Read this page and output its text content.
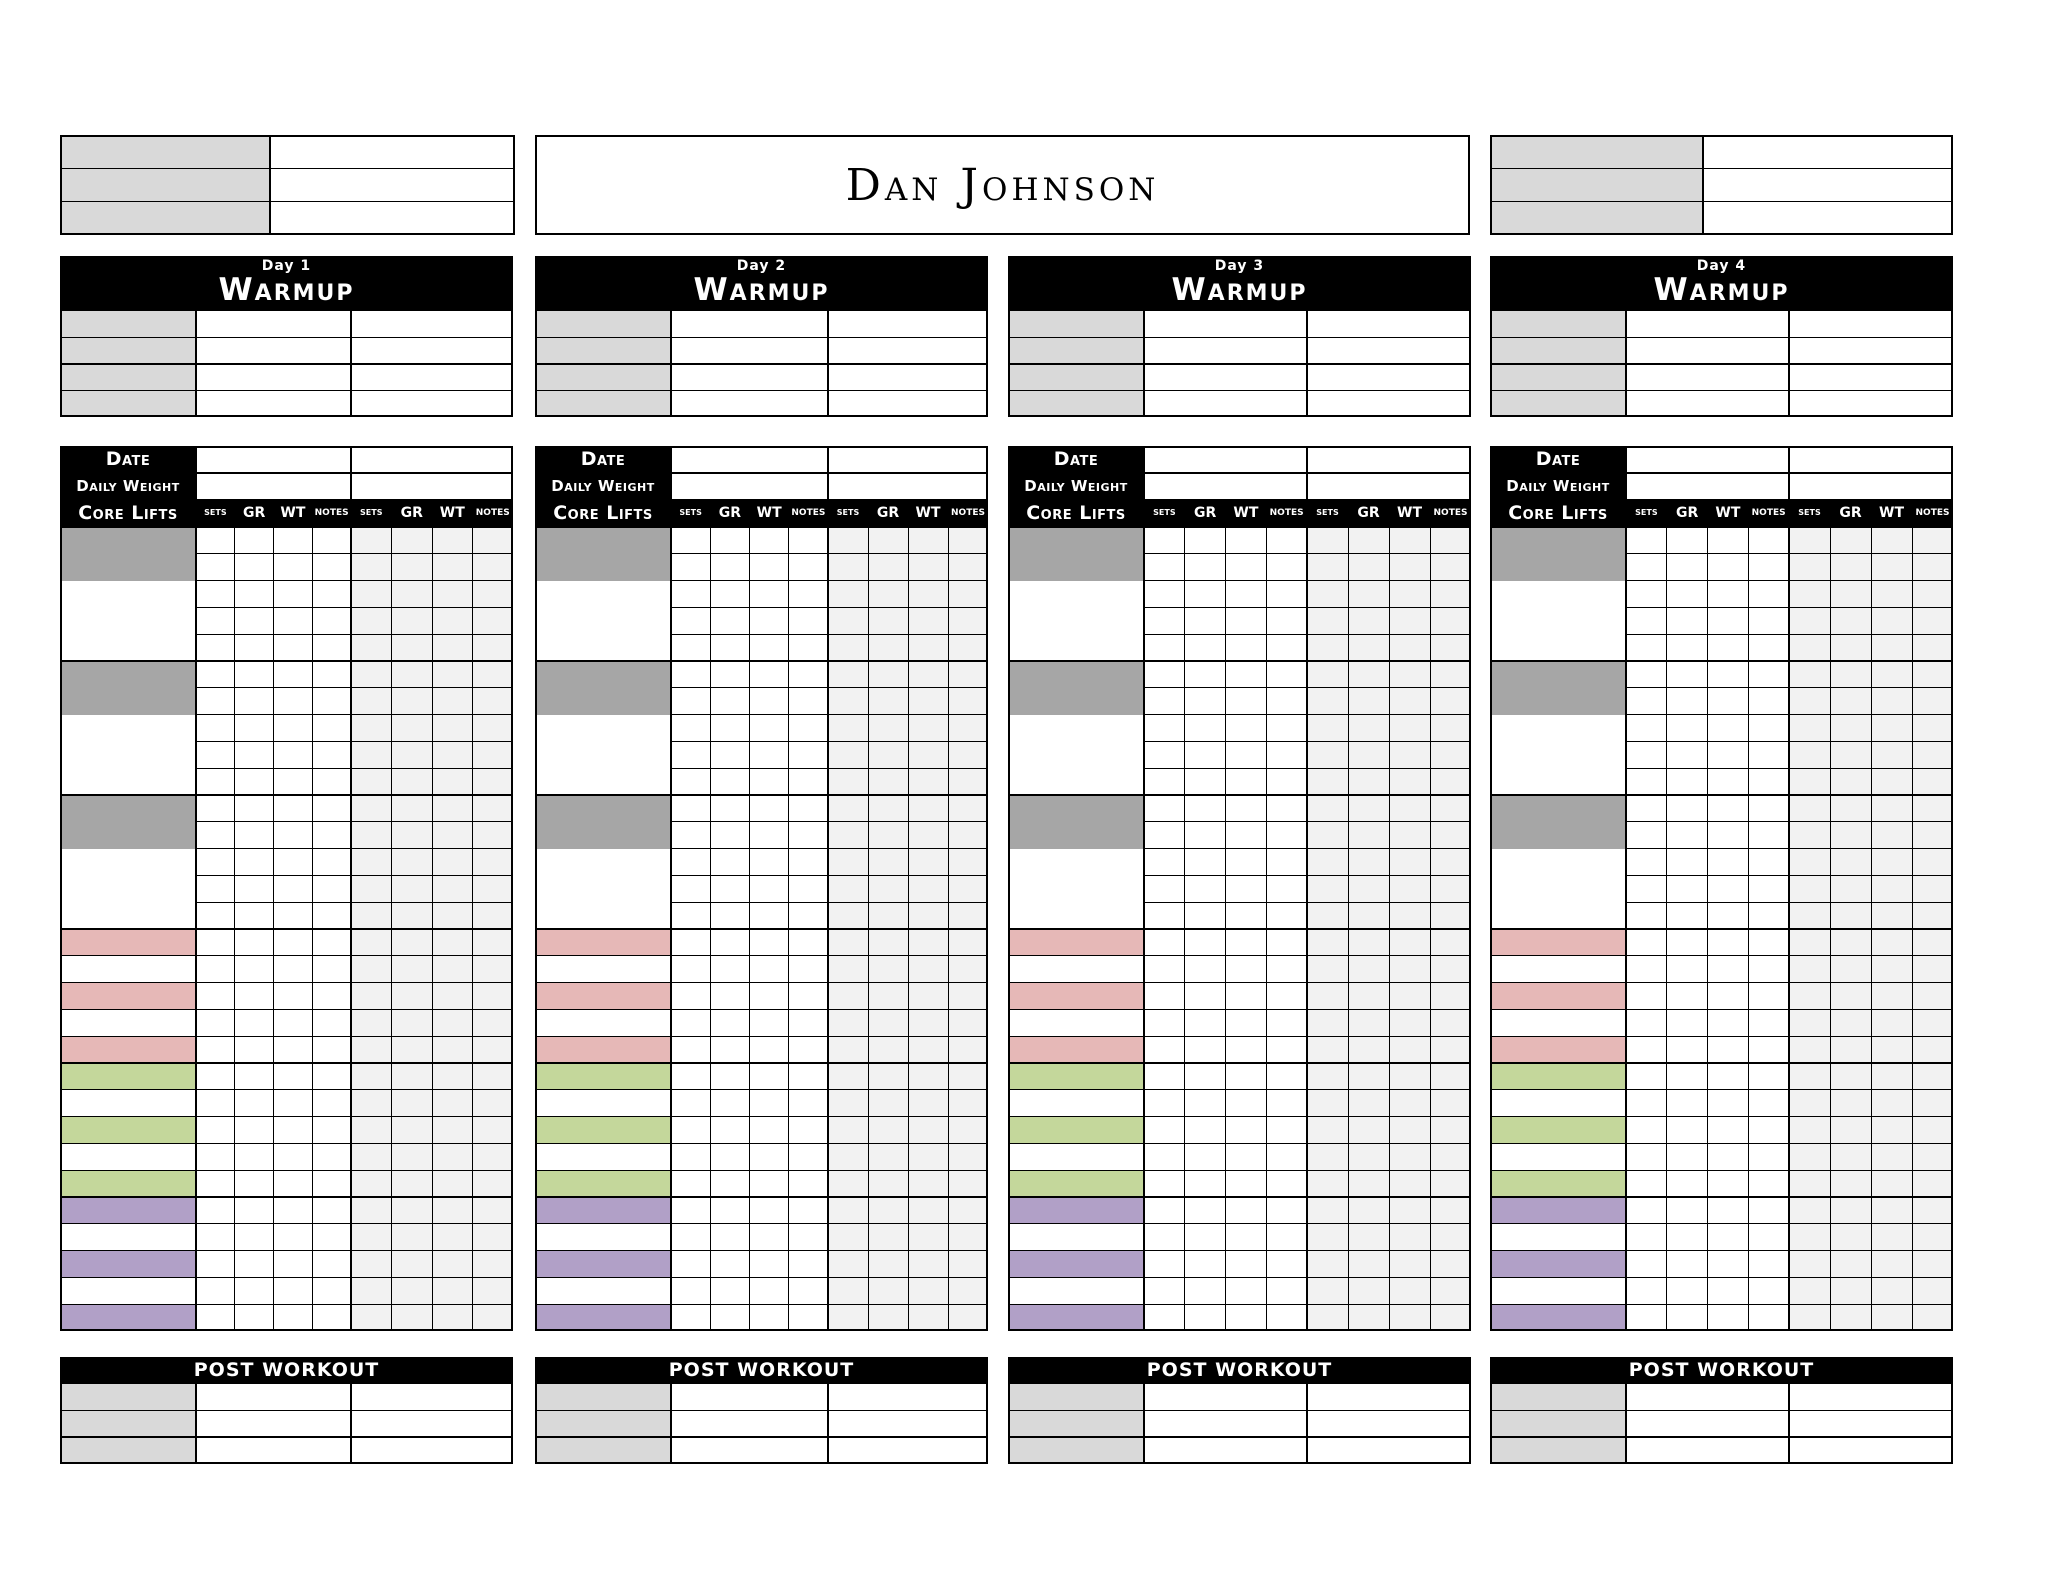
Dan Johnson
Day 1
Warmup
Date
Daily Weight
Core Lifts	SETS	GR	WT	NOTES	SETS	GR	WT	NOTES
POST WORKOUT
Day 2
Warmup
Date
Daily Weight
Core Lifts	SETS	GR	WT	NOTES	SETS	GR	WT	NOTES
POST WORKOUT
Day 3
Warmup
Date
Daily Weight
Core Lifts	SETS	GR	WT	NOTES	SETS	GR	WT	NOTES
POST WORKOUT
Day 4
Warmup
Date
Daily Weight
Core Lifts	SETS	GR	WT	NOTES	SETS	GR	WT	NOTES
POST WORKOUT
